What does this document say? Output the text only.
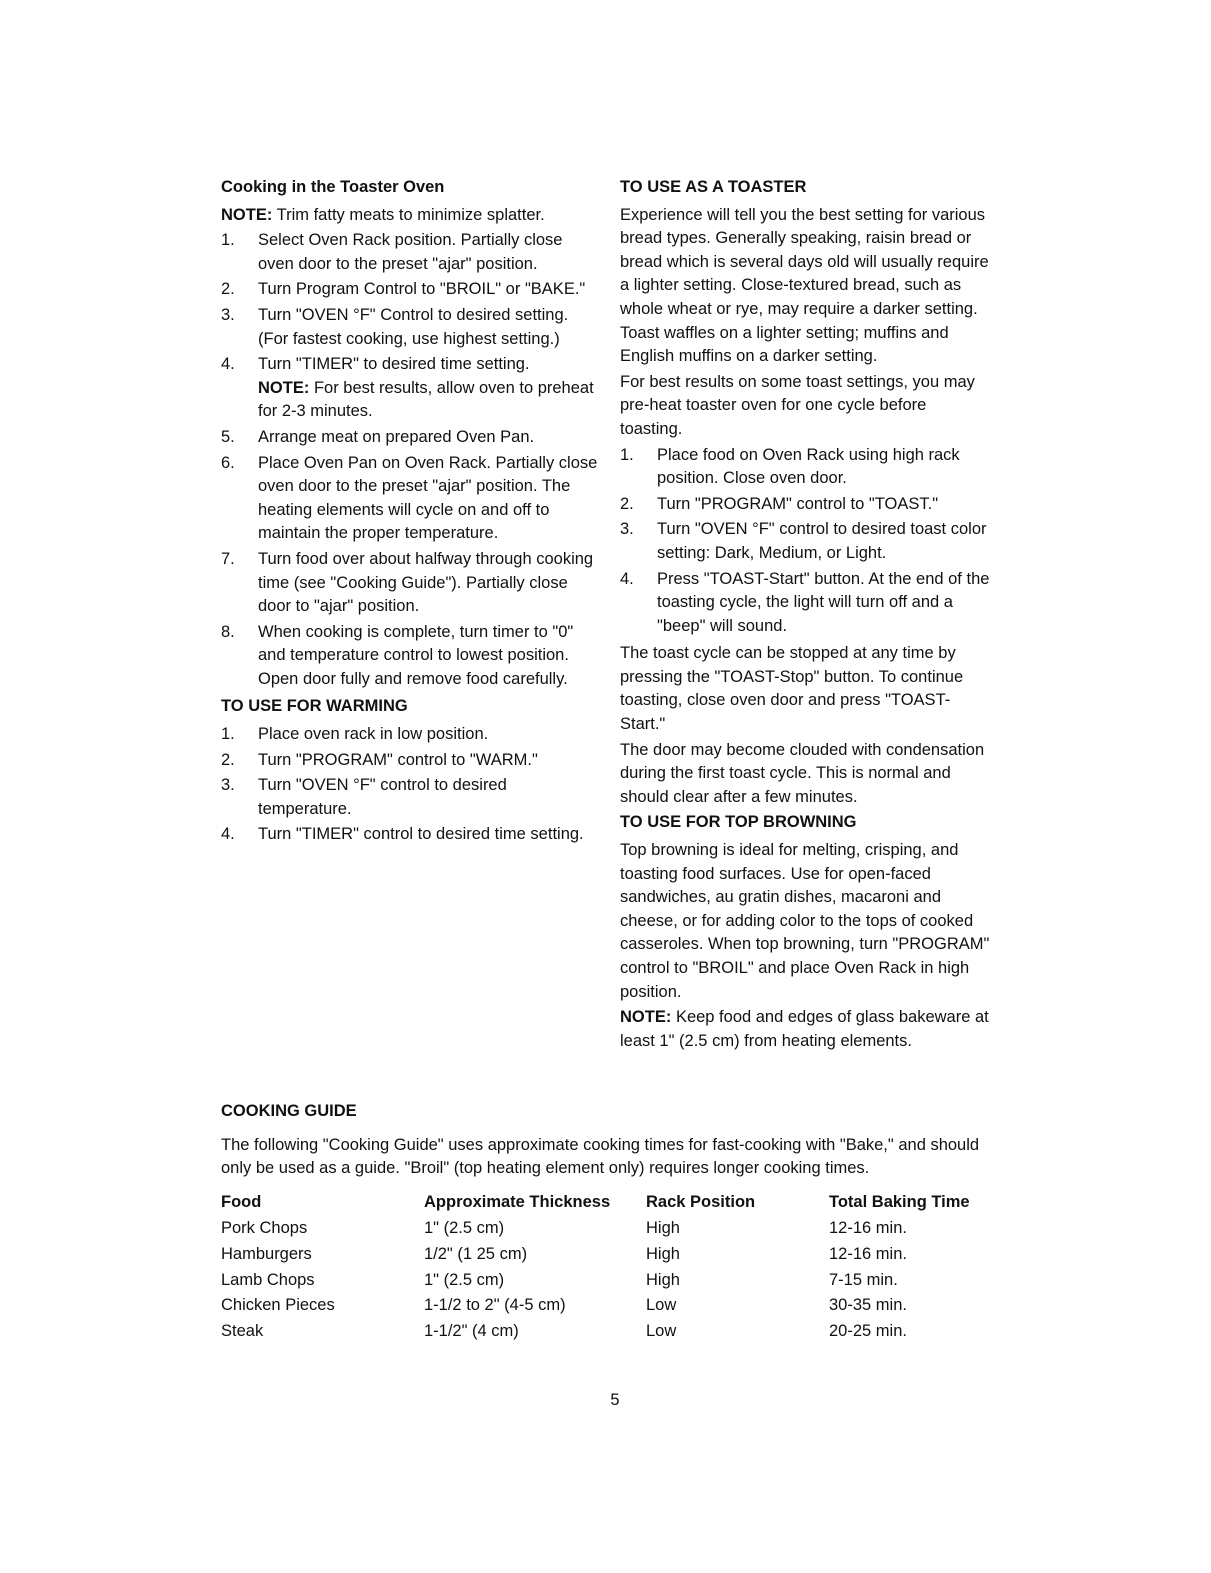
Cooking in the Toaster Oven

NOTE: Trim fatty meats to minimize splatter.

1. Select Oven Rack position. Partially close oven door to the preset "ajar" position.
2. Turn Program Control to "BROIL" or "BAKE."
3. Turn "OVEN °F" Control to desired setting. (For fastest cooking, use highest setting.)
4. Turn "TIMER" to desired time setting.
NOTE: For best results, allow oven to preheat for 2-3 minutes.
5. Arrange meat on prepared Oven Pan.
6. Place Oven Pan on Oven Rack. Partially close oven door to the preset "ajar" position. The heating elements will cycle on and off to maintain the proper temperature.
7. Turn food over about halfway through cooking time (see "Cooking Guide"). Partially close door to "ajar" position.
8. When cooking is complete, turn timer to "0" and temperature control to lowest position. Open door fully and remove food carefully.
TO USE FOR WARMING
1. Place oven rack in low position.
2. Turn "PROGRAM" control to "WARM."
3. Turn "OVEN °F" control to desired temperature.
4. Turn "TIMER" control to desired time setting.
TO USE AS A TOASTER

Experience will tell you the best setting for various bread types. Generally speaking, raisin bread or bread which is several days old will usually require a lighter setting. Close-textured bread, such as whole wheat or rye, may require a darker setting. Toast waffles on a lighter setting; muffins and English muffins on a darker setting.

For best results on some toast settings, you may pre-heat toaster oven for one cycle before toasting.

1. Place food on Oven Rack using high rack position. Close oven door.
2. Turn "PROGRAM" control to "TOAST."
3. Turn "OVEN °F" control to desired toast color setting: Dark, Medium, or Light.
4. Press "TOAST-Start" button. At the end of the toasting cycle, the light will turn off and a "beep" will sound.

The toast cycle can be stopped at any time by pressing the "TOAST-Stop" button. To continue toasting, close oven door and press "TOAST-Start."

The door may become clouded with condensation during the first toast cycle. This is normal and should clear after a few minutes.

TO USE FOR TOP BROWNING

Top browning is ideal for melting, crisping, and toasting food surfaces. Use for open-faced sandwiches, au gratin dishes, macaroni and cheese, or for adding color to the tops of cooked casseroles. When top browning, turn "PROGRAM" control to "BROIL" and place Oven Rack in high position.

NOTE: Keep food and edges of glass bakeware at least 1" (2.5 cm) from heating elements.

COOKING GUIDE

The following "Cooking Guide" uses approximate cooking times for fast-cooking with "Bake," and should only be used as a guide. "Broil" (top heating element only) requires longer cooking times.

Food	Approximate Thickness	Rack Position	Total Baking Time
Pork Chops	1" (2.5 cm)	High	12-16 min.
Hamburgers	1/2" (1 25 cm)	High	12-16 min.
Lamb Chops	1" (2.5 cm)	High	7-15 min.
Chicken Pieces	1-1/2 to 2" (4-5 cm)	Low	30-35 min.
Steak	1-1/2" (4 cm)	Low	20-25 min.
5
